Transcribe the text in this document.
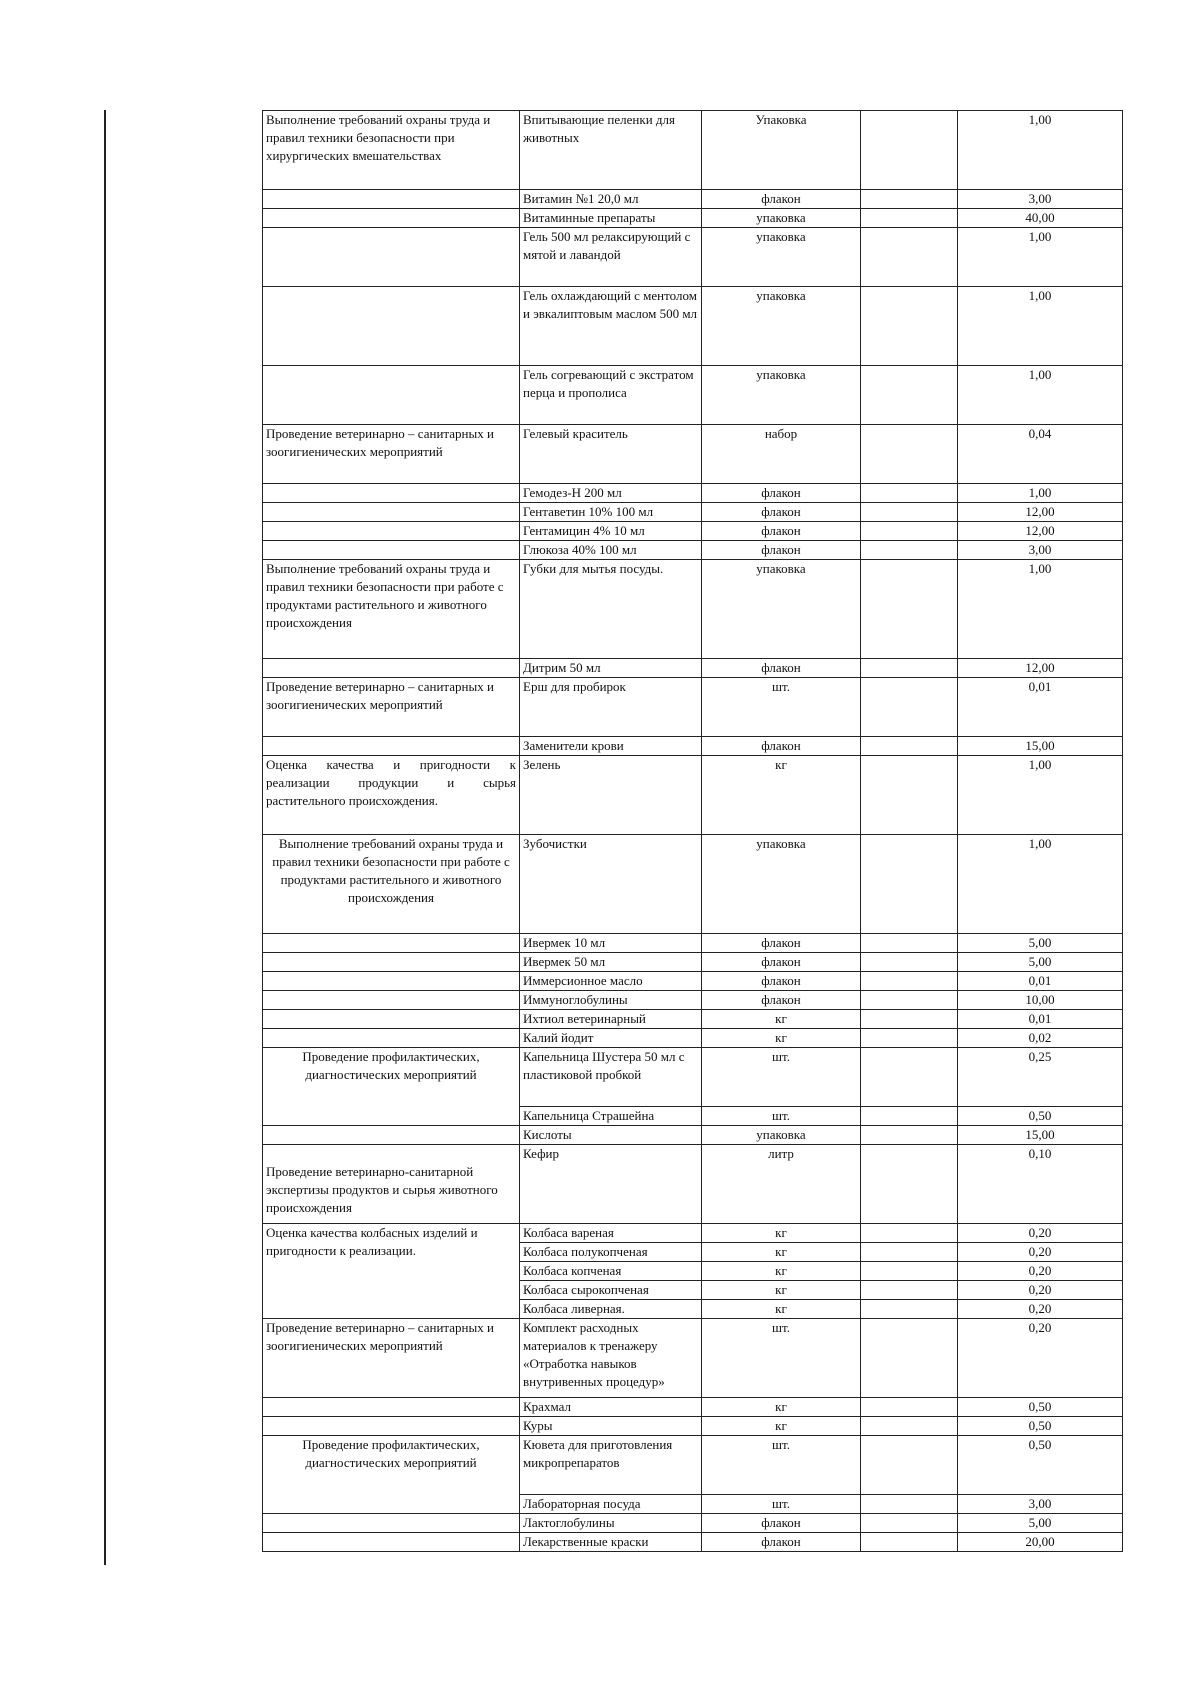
Выполнение требований охраны труда и правил техники безопасности при хирургических вмешательствах	Впитывающие пеленки для животных	Упаковка		1,00
	Витамин №1 20,0 мл	флакон		3,00
	Витаминные препараты	упаковка		40,00
	Гель 500 мл релаксирующий с мятой и лавандой	упаковка		1,00
	Гель охлаждающий с ментолом и эвкалиптовым маслом 500 мл	упаковка		1,00
	Гель согревающий с экстратом перца и прополиса	упаковка		1,00
Проведение ветеринарно – санитарных и зоогигиенических мероприятий	Гелевый краситель	набор		0,04
	Гемодез-Н 200 мл	флакон		1,00
	Гентаветин 10% 100 мл	флакон		12,00
	Гентамицин 4% 10 мл	флакон		12,00
	Глюкоза 40% 100 мл	флакон		3,00
Выполнение требований охраны труда и правил техники безопасности при работе с продуктами растительного и животного происхождения	Губки для мытья посуды.	упаковка		1,00
	Дитрим 50 мл	флакон		12,00
Проведение ветеринарно – санитарных и зоогигиенических мероприятий	Ерш для пробирок	шт.		0,01
	Заменители крови	флакон		15,00
Оценка качества и пригодности к реализации продукции и сырья растительного происхождения.	Зелень	кг		1,00
Выполнение требований охраны труда и правил техники безопасности при работе с продуктами растительного и животного происхождения	Зубочистки	упаковка		1,00
	Ивермек 10 мл	флакон		5,00
	Ивермек 50 мл	флакон		5,00
	Иммерсионное масло	флакон		0,01
	Иммуноглобулины	флакон		10,00
	Ихтиол ветеринарный	кг		0,01
	Калий йодит	кг		0,02
Проведение профилактических, диагностических мероприятий	Капельница Шустера 50 мл с пластиковой пробкой	шт.		0,25
	Капельница Страшейна	шт.		0,50
	Кислоты	упаковка		15,00
Проведение ветеринарно-санитарной экспертизы продуктов и сырья животного происхождения	Кефир	литр		0,10
Оценка качества колбасных изделий и пригодности к реализации.	Колбаса вареная	кг		0,20
	Колбаса полукопченая	кг		0,20
	Колбаса копченая	кг		0,20
	Колбаса сырокопченая	кг		0,20
	Колбаса ливерная.	кг		0,20
Проведение ветеринарно – санитарных и зоогигиенических мероприятий	Комплект расходных материалов к тренажеру «Отработка навыков внутривенных процедур»	шт.		0,20
	Крахмал	кг		0,50
	Куры	кг		0,50
Проведение профилактических, диагностических мероприятий	Кювета для приготовления микропрепаратов	шт.		0,50
	Лабораторная посуда	шт.		3,00
	Лактоглобулины	флакон		5,00
	Лекарственные краски	флакон		20,00
